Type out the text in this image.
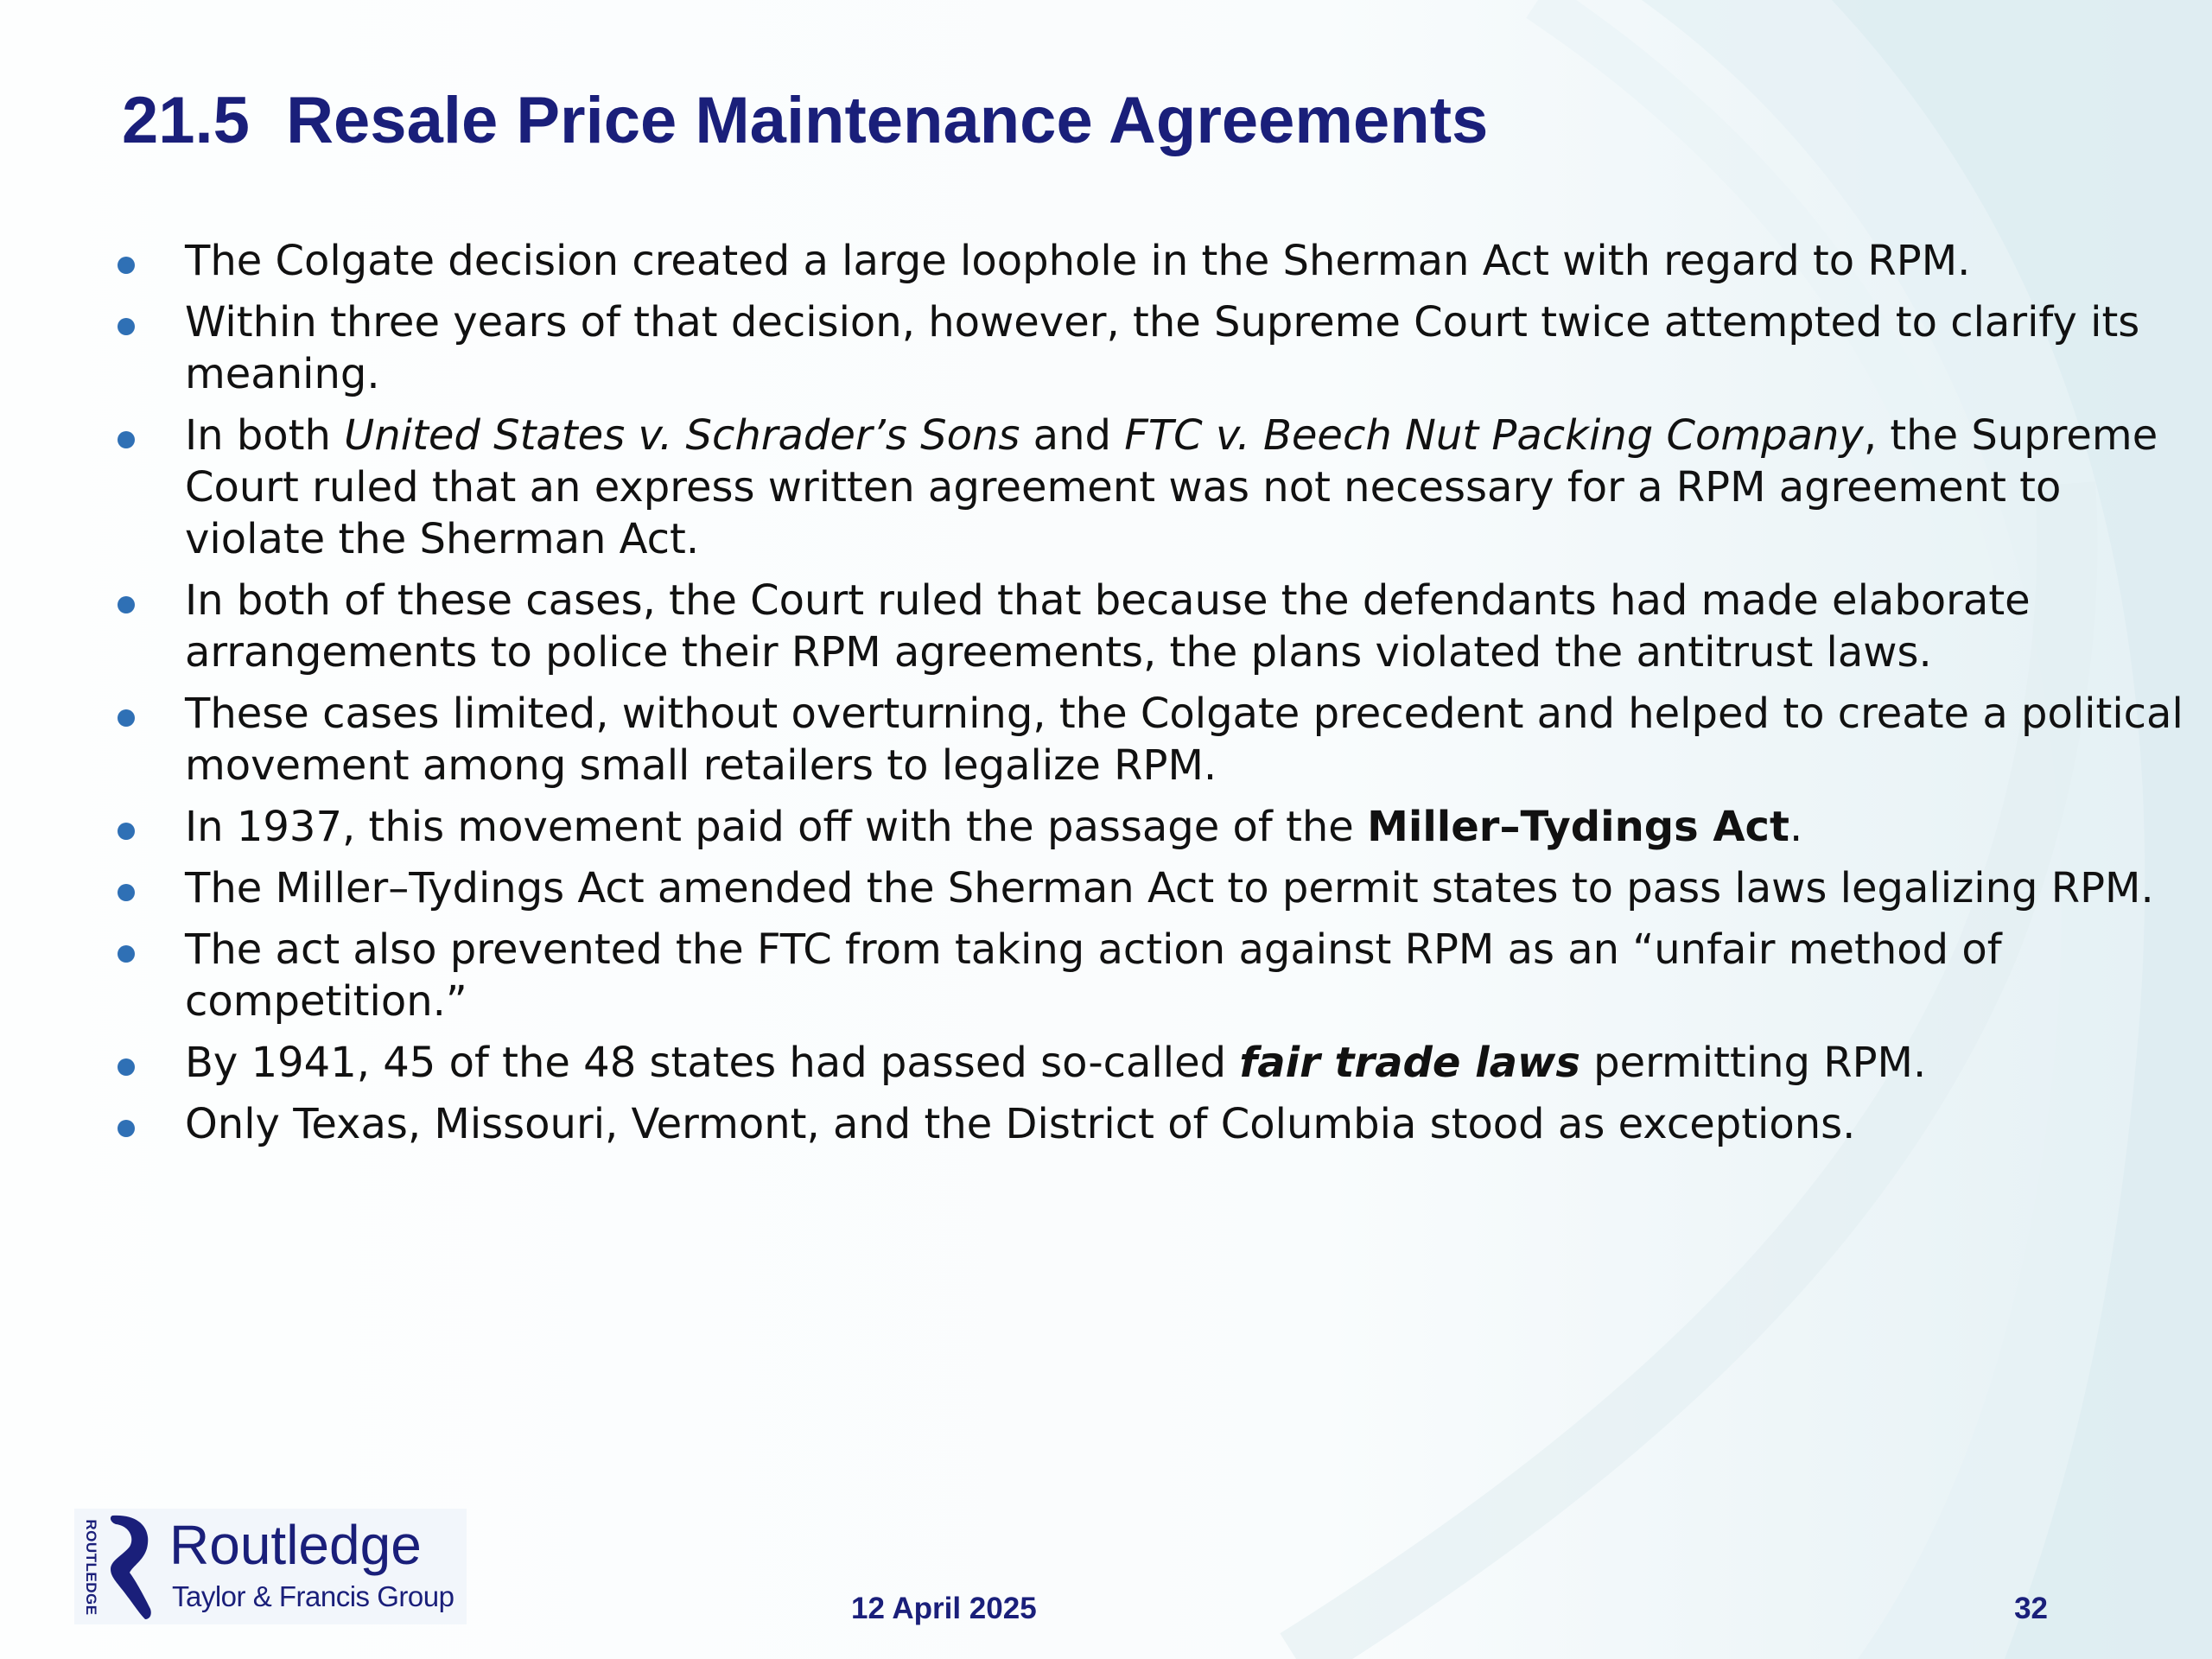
21.5  Resale Price Maintenance Agreements
The Colgate decision created a large loophole in the Sherman Act with regard to RPM.
Within three years of that decision, however, the Supreme Court twice attempted to clarify its meaning.
In both United States v. Schrader’s Sons and FTC v. Beech Nut Packing Company, the Supreme Court ruled that an express written agreement was not necessary for a RPM agreement to violate the Sherman Act.
In both of these cases, the Court ruled that because the defendants had made elaborate arrangements to police their RPM agreements, the plans violated the antitrust laws.
These cases limited, without overturning, the Colgate precedent and helped to create a political movement among small retailers to legalize RPM.
In 1937, this movement paid off with the passage of the Miller–Tydings Act.
The Miller–Tydings Act amended the Sherman Act to permit states to pass laws legalizing RPM.
The act also prevented the FTC from taking action against RPM as an “unfair method of competition.”
By 1941, 45 of the 48 states had passed so-called fair trade laws permitting RPM.
Only Texas, Missouri, Vermont, and the District of Columbia stood as exceptions.
ROUTLEDGE Routledge
Taylor & Francis Group	12 April 2025	32
